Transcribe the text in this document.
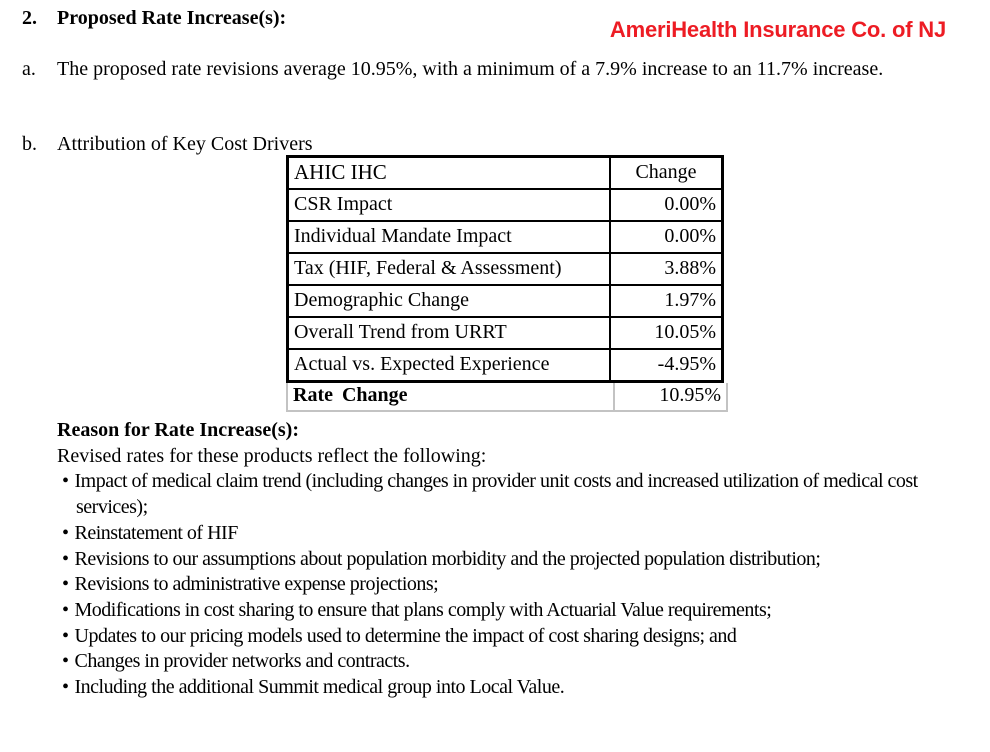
2. Proposed Rate Increase(s):	AmeriHealth Insurance Co. of NJ
a. The proposed rate revisions average 10.95%, with a minimum of a 7.9% increase to an 11.7% increase.
b. Attribution of Key Cost Drivers
AHIC IHC	Change
CSR Impact	0.00%
Individual Mandate Impact	0.00%
Tax (HIF, Federal & Assessment)	3.88%
Demographic Change	1.97%
Overall Trend from URRT	10.05%
Actual vs. Expected Experience	-4.95%
Rate Change	10.95%
Reason for Rate Increase(s):
Revised rates for these products reflect the following:
• Impact of medical claim trend (including changes in provider unit costs and increased utilization of medical cost services);
• Reinstatement of HIF
• Revisions to our assumptions about population morbidity and the projected population distribution;
• Revisions to administrative expense projections;
• Modifications in cost sharing to ensure that plans comply with Actuarial Value requirements;
• Updates to our pricing models used to determine the impact of cost sharing designs; and
• Changes in provider networks and contracts.
• Including the additional Summit medical group into Local Value.
